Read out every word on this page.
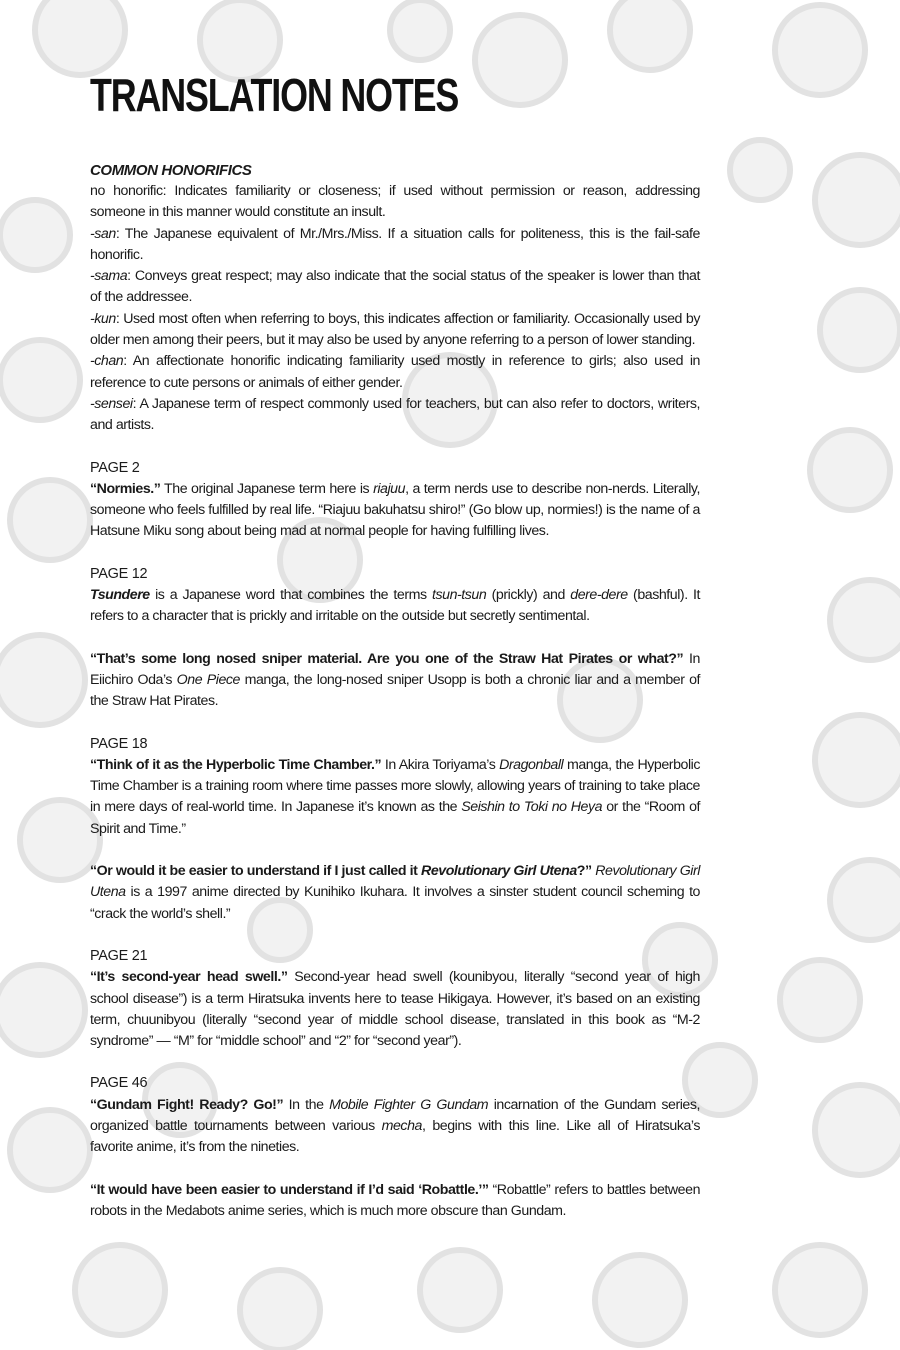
TRANSLATION NOTES
COMMON HONORIFICS
no honorific: Indicates familiarity or closeness; if used without permission or reason, addressing someone in this manner would constitute an insult.
-san: The Japanese equivalent of Mr./Mrs./Miss. If a situation calls for politeness, this is the fail-safe honorific.
-sama: Conveys great respect; may also indicate that the social status of the speaker is lower than that of the addressee.
-kun: Used most often when referring to boys, this indicates affection or familiarity. Occasionally used by older men among their peers, but it may also be used by anyone referring to a person of lower standing.
-chan: An affectionate honorific indicating familiarity used mostly in reference to girls; also used in reference to cute persons or animals of either gender.
-sensei: A Japanese term of respect commonly used for teachers, but can also refer to doctors, writers, and artists.
PAGE 2
“Normies.” The original Japanese term here is riajuu, a term nerds use to describe non-nerds. Literally, someone who feels fulfilled by real life. “Riajuu bakuhatsu shiro!” (Go blow up, normies!) is the name of a Hatsune Miku song about being mad at normal people for having fulfilling lives.
PAGE 12
Tsundere is a Japanese word that combines the terms tsun-tsun (prickly) and dere-dere (bashful). It refers to a character that is prickly and irritable on the outside but secretly sentimental.
“That’s some long nosed sniper material. Are you one of the Straw Hat Pirates or what?” In Eiichiro Oda’s One Piece manga, the long-nosed sniper Usopp is both a chronic liar and a member of the Straw Hat Pirates.
PAGE 18
“Think of it as the Hyperbolic Time Chamber.” In Akira Toriyama’s Dragonball manga, the Hyperbolic Time Chamber is a training room where time passes more slowly, allowing years of training to take place in mere days of real-world time. In Japanese it’s known as the Seishin to Toki no Heya or the “Room of Spirit and Time.”
“Or would it be easier to understand if I just called it Revolutionary Girl Utena?” Revolutionary Girl Utena is a 1997 anime directed by Kunihiko Ikuhara. It involves a sinster student council scheming to “crack the world’s shell.”
PAGE 21
“It’s second-year head swell.” Second-year head swell (kounibyou, literally “second year of high school disease”) is a term Hiratsuka invents here to tease Hikigaya. However, it’s based on an existing term, chuunibyou (literally “second year of middle school disease, translated in this book as “M-2 syndrome” — “M” for “middle school” and “2” for “second year”).
PAGE 46
“Gundam Fight! Ready? Go!” In the Mobile Fighter G Gundam incarnation of the Gundam series, organized battle tournaments between various mecha, begins with this line. Like all of Hiratsuka’s favorite anime, it’s from the nineties.
“It would have been easier to understand if I’d said ‘Robattle.’” “Robattle” refers to battles between robots in the Medabots anime series, which is much more obscure than Gundam.
